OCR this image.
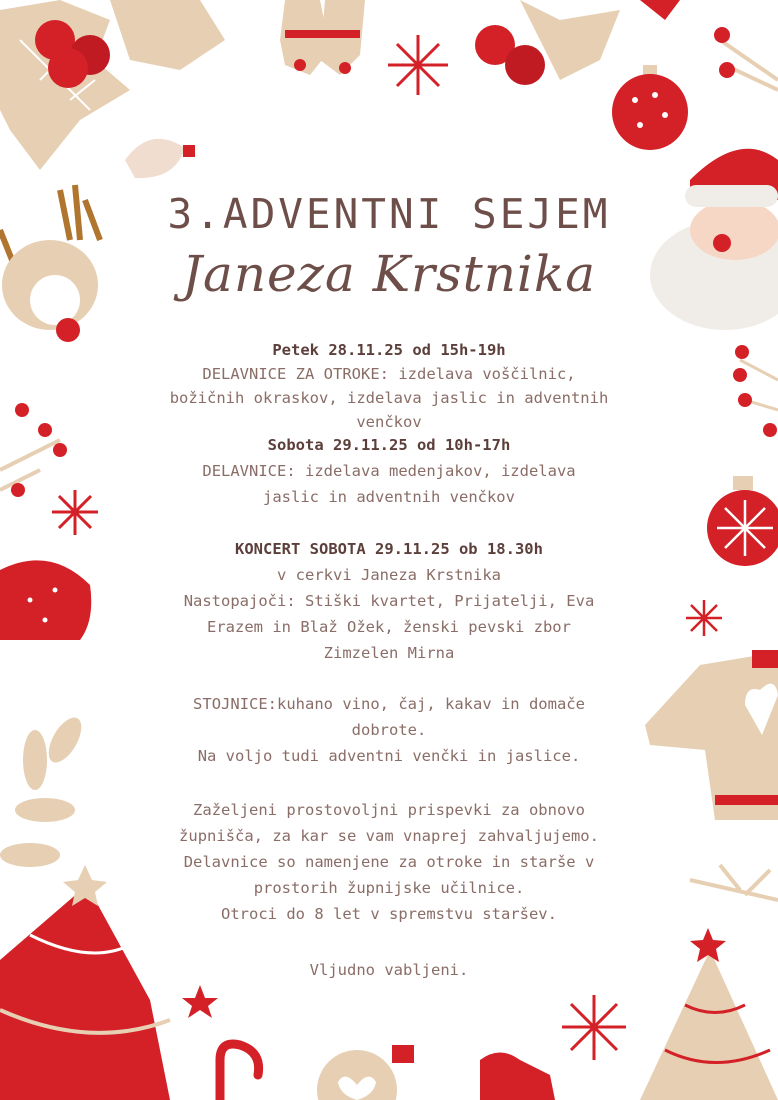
3.ADVENTNI SEJEM
Janeza Krstnika
Petek 28.11.25 od 15h-19h
DELAVNICE ZA OTROKE: izdelava voščilnic,
božičnih okraskov, izdelava jaslic in adventnih
venčkov
Sobota 29.11.25 od 10h-17h
DELAVNICE: izdelava medenjakov, izdelava
jaslic in adventnih venčkov
KONCERT SOBOTA 29.11.25 ob 18.30h
v cerkvi Janeza Krstnika
Nastopajoči: Stiški kvartet, Prijatelji, Eva
Erazem in Blaž Ožek, ženski pevski zbor
Zimzelen Mirna
STOJNICE:kuhano vino, čaj, kakav in domače
dobrote.
Na voljo tudi adventni venčki in jaslice.
Zaželjeni prostovoljni prispevki za obnovo
župnišča, za kar se vam vnaprej zahvaljujemo.
Delavnice so namenjene za otroke in starše v
prostorih župnijske učilnice.
Otroci do 8 let v spremstvu staršev.
Vljudno vabljeni.
